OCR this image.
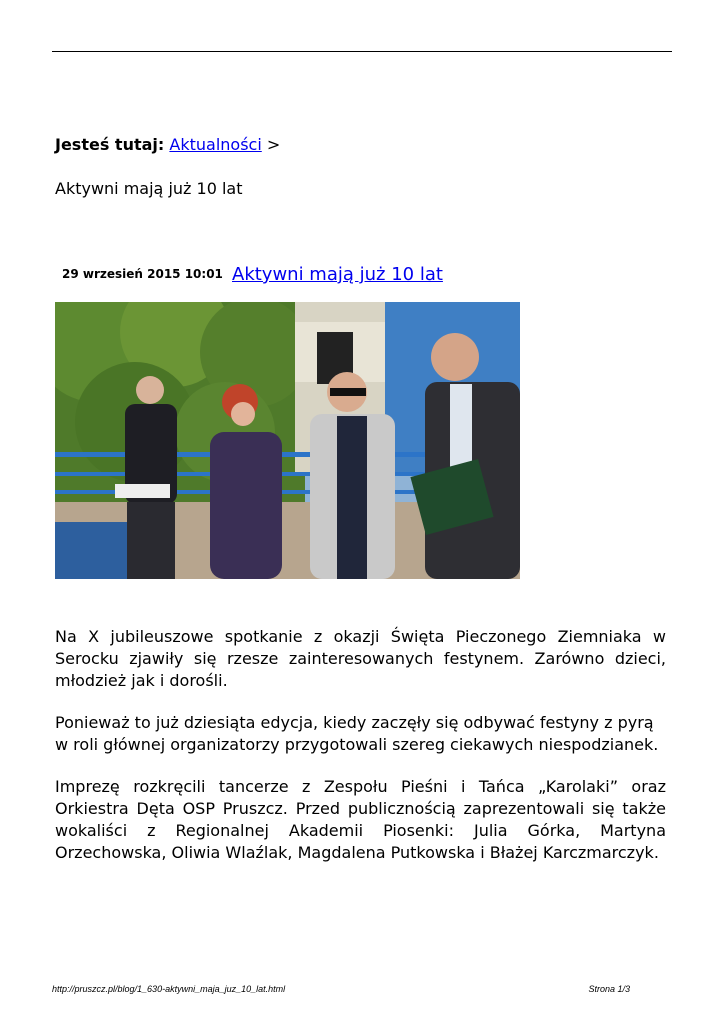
Jesteś tutaj: Aktualności >
Aktywni mają już 10 lat
29 wrzesień 2015 10:01 Aktywni mają już 10 lat

Na X jubileuszowe spotkanie z okazji Święta Pieczonego Ziemniaka w Serocku zjawiły się rzesze zainteresowanych festynem. Zarówno dzieci, młodzież jak i dorośli.

Ponieważ to już dziesiąta edycja, kiedy zaczęły się odbywać festyny z pyrą w roli głównej organizatorzy przygotowali szereg ciekawych niespodzianek.

Imprezę rozkręcili tancerze z Zespołu Pieśni i Tańca „Karolaki” oraz Orkiestra Dęta OSP Pruszcz. Przed publicznością zaprezentowali się także wokaliści z Regionalnej Akademii Piosenki: Julia Górka, Martyna Orzechowska, Oliwia Wlaźlak, Magdalena Putkowska i Błażej Karczmarczyk.

http://pruszcz.pl/blog/1_630-aktywni_maja_juz_10_lat.html	Strona 1/3
